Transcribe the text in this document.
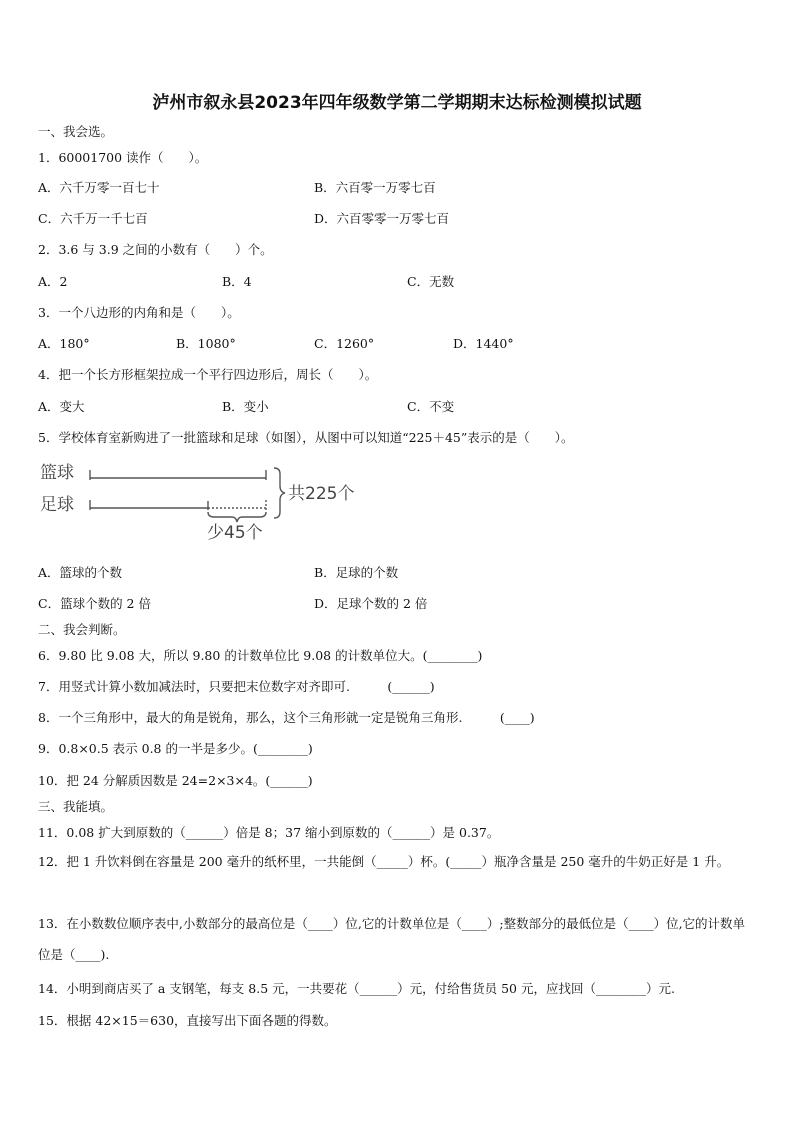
泸州市叙永县2023年四年级数学第二学期期末达标检测模拟试题
一、我会选。
1．60001700 读作（　　）。
A．六千万零一百七十	B．六百零一万零七百
C．六千万一千七百	D．六百零零一万零七百
2．3.6 与 3.9 之间的小数有（　　）个。
A．2	B．4	C．无数
3．一个八边形的内角和是（　　）。
A．180°	B．1080°	C．1260°	D．1440°
4．把一个长方形框架拉成一个平行四边形后，周长（　　）。
A．变大	B．变小	C．不变
5．学校体育室新购进了一批篮球和足球（如图），从图中可以知道“225＋45”表示的是（　　）。
篮球
足球
共225个
少45个
A．篮球的个数	B．足球的个数
C．篮球个数的 2 倍	D．足球个数的 2 倍
二、我会判断。
6．9.80 比 9.08 大，所以 9.80 的计数单位比 9.08 的计数单位大。(________)
7．用竖式计算小数加减法时，只要把末位数字对齐即可.　　　(______)
8．一个三角形中，最大的角是锐角，那么，这个三角形就一定是锐角三角形.　　　(____)
9．0.8×0.5 表示 0.8 的一半是多少。(________)
10．把 24 分解质因数是 24=2×3×4。(______)
三、我能填。
11．0.08 扩大到原数的（______）倍是 8；37 缩小到原数的（______）是 0.37。
12．把 1 升饮料倒在容量是 200 毫升的纸杯里，一共能倒（_____）杯。(_____）瓶净含量是 250 毫升的牛奶正好是 1 升。
13．在小数数位顺序表中,小数部分的最高位是（____）位,它的计数单位是（____）;整数部分的最低位是（____）位,它的计数单位是（____).
14．小明到商店买了 a 支钢笔，每支 8.5 元，一共要花（______）元，付给售货员 50 元，应找回（________）元.
15．根据 42×15＝630，直接写出下面各题的得数。
